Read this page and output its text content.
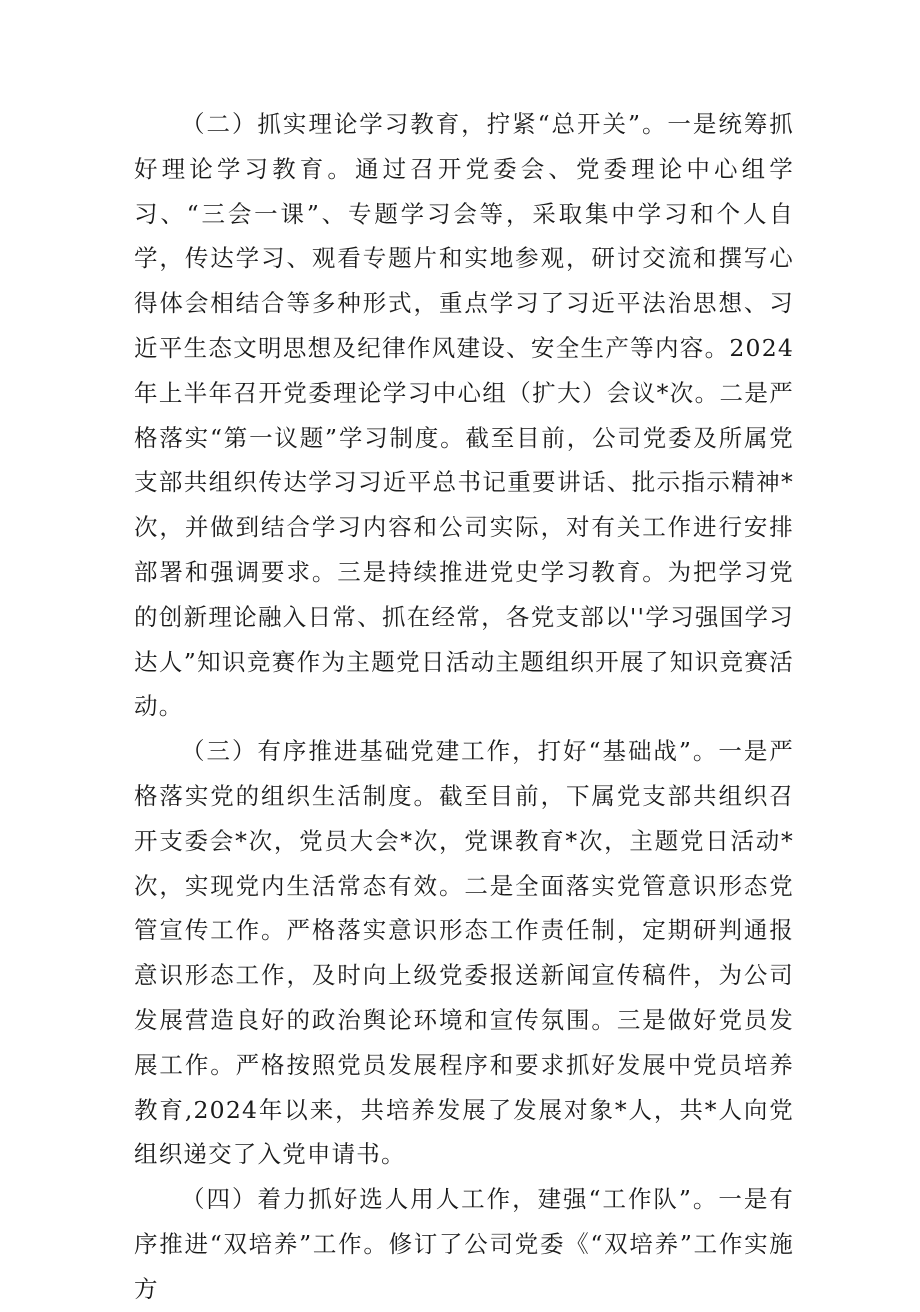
（二）抓实理论学习教育，拧紧“总开关”。一是统筹抓好理论学习教育。通过召开党委会、党委理论中心组学习、“三会一课”、专题学习会等，采取集中学习和个人自学，传达学习、观看专题片和实地参观，研讨交流和撰写心得体会相结合等多种形式，重点学习了习近平法治思想、习近平生态文明思想及纪律作风建设、安全生产等内容。2024年上半年召开党委理论学习中心组（扩大）会议*次。二是严格落实“第一议题”学习制度。截至目前，公司党委及所属党支部共组织传达学习习近平总书记重要讲话、批示指示精神*次，并做到结合学习内容和公司实际，对有关工作进行安排部署和强调要求。三是持续推进党史学习教育。为把学习党的创新理论融入日常、抓在经常，各党支部以''学习强国学习达人”知识竞赛作为主题党日活动主题组织开展了知识竞赛活动。

（三）有序推进基础党建工作，打好“基础战”。一是严格落实党的组织生活制度。截至目前，下属党支部共组织召开支委会*次，党员大会*次，党课教育*次，主题党日活动*次，实现党内生活常态有效。二是全面落实党管意识形态党管宣传工作。严格落实意识形态工作责任制，定期研判通报意识形态工作，及时向上级党委报送新闻宣传稿件，为公司发展营造良好的政治舆论环境和宣传氛围。三是做好党员发展工作。严格按照党员发展程序和要求抓好发展中党员培养教育,2024年以来，共培养发展了发展对象*人，共*人向党组织递交了入党申请书。

（四）着力抓好选人用人工作，建强“工作队”。一是有序推进“双培养”工作。修订了公司党委《“双培养”工作实施方
